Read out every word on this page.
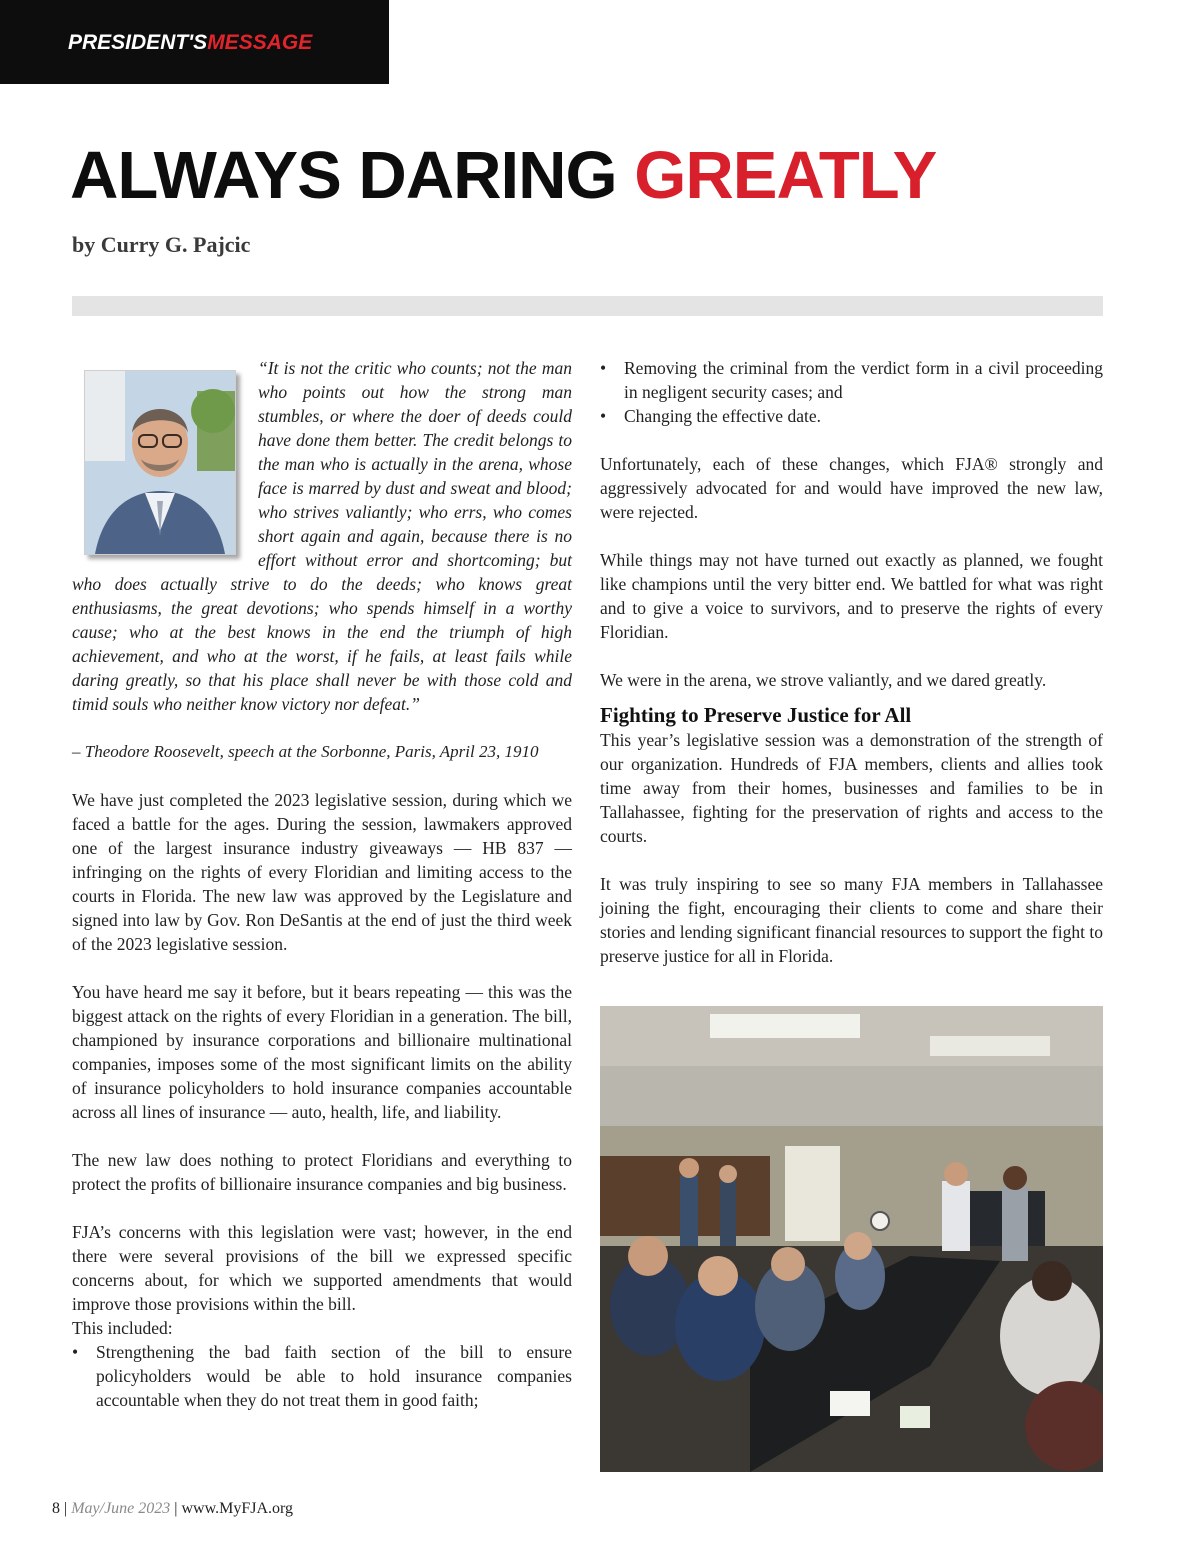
PRESIDENT'SMESSAGE
ALWAYS DARING GREATLY
by Curry G. Pajcic
“It is not the critic who counts; not the man who points out how the strong man stumbles, or where the doer of deeds could have done them better. The credit belongs to the man who is actually in the arena, whose face is marred by dust and sweat and blood; who strives valiantly; who errs, who comes short again and again, because there is no effort without error and shortcoming; but who does actually strive to do the deeds; who knows great enthusiasms, the great devotions; who spends himself in a worthy cause; who at the best knows in the end the triumph of high achievement, and who at the worst, if he fails, at least fails while daring greatly, so that his place shall never be with those cold and timid souls who neither know victory nor defeat.”
– Theodore Roosevelt, speech at the Sorbonne, Paris, April 23, 1910

We have just completed the 2023 legislative session, during which we faced a battle for the ages. During the session, lawmakers approved one of the largest insurance industry giveaways — HB 837 — infringing on the rights of every Floridian and limiting access to the courts in Florida. The new law was approved by the Legislature and signed into law by Gov. Ron DeSantis at the end of just the third week of the 2023 legislative session.

You have heard me say it before, but it bears repeating — this was the biggest attack on the rights of every Floridian in a generation. The bill, championed by insurance corporations and billionaire multinational companies, imposes some of the most significant limits on the ability of insurance policyholders to hold insurance companies accountable across all lines of insurance — auto, health, life, and liability.

The new law does nothing to protect Floridians and everything to protect the profits of billionaire insurance companies and big business.

FJA’s concerns with this legislation were vast; however, in the end there were several provisions of the bill we expressed specific concerns about, for which we supported amendments that would improve those provisions within the bill.

This included:
• Strengthening the bad faith section of the bill to ensure policyholders would be able to hold insurance companies accountable when they do not treat them in good faith;
• Removing the criminal from the verdict form in a civil proceeding in negligent security cases; and
• Changing the effective date.

Unfortunately, each of these changes, which FJA® strongly and aggressively advocated for and would have improved the new law, were rejected.

While things may not have turned out exactly as planned, we fought like champions until the very bitter end. We battled for what was right and to give a voice to survivors, and to preserve the rights of every Floridian.

We were in the arena, we strove valiantly, and we dared greatly.

Fighting to Preserve Justice for All

This year’s legislative session was a demonstration of the strength of our organization. Hundreds of FJA members, clients and allies took time away from their homes, businesses and families to be in Tallahassee, fighting for the preservation of rights and access to the courts.

It was truly inspiring to see so many FJA members in Tallahassee joining the fight, encouraging their clients to come and share their stories and lending significant financial resources to support the fight to preserve justice for all in Florida.

8 | May/June 2023 | www.MyFJA.org
